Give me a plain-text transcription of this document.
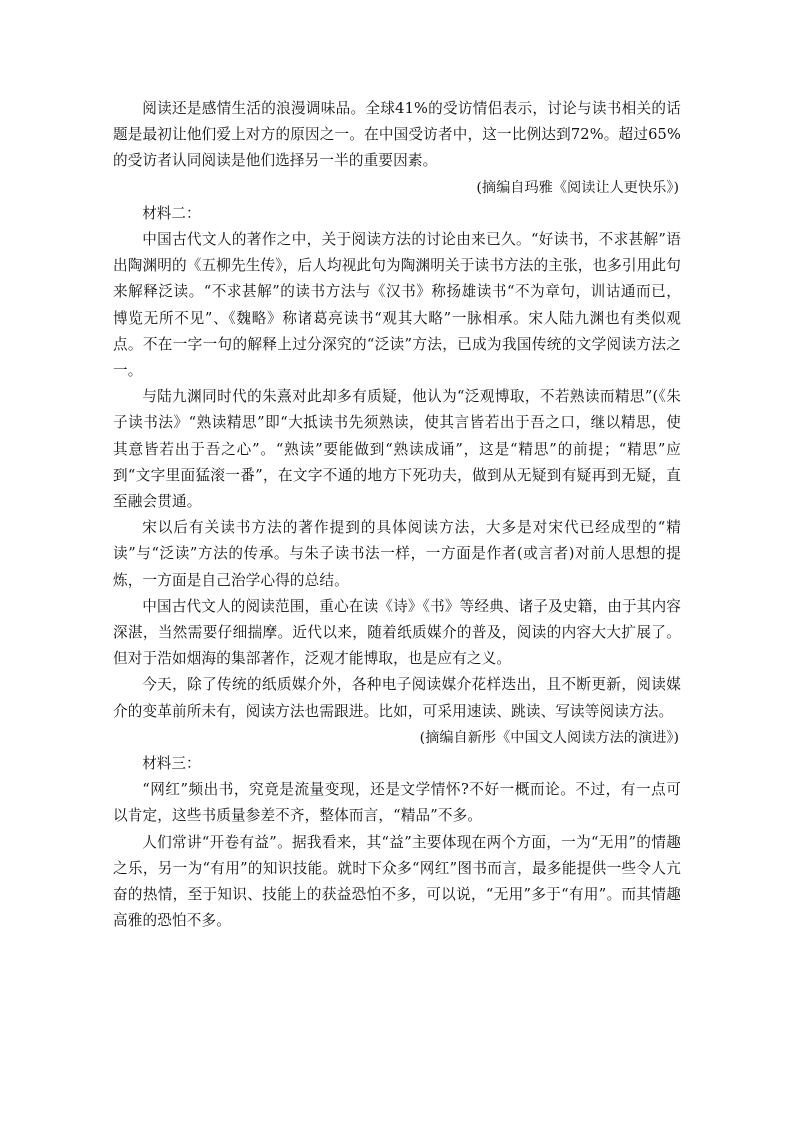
阅读还是感情生活的浪漫调味品。全球41%的受访情侣表示，讨论与读书相关的话题是最初让他们爱上对方的原因之一。在中国受访者中，这一比例达到72%。超过65%的受访者认同阅读是他们选择另一半的重要因素。

(摘编自玛雅《阅读让人更快乐》)

材料二：

中国古代文人的著作之中，关于阅读方法的讨论由来已久。“好读书，不求甚解”语出陶渊明的《五柳先生传》，后人均视此句为陶渊明关于读书方法的主张，也多引用此句来解释泛读。“不求甚解”的读书方法与《汉书》称扬雄读书“不为章句，训诂通而已，博览无所不见”、《魏略》称诸葛亮读书“观其大略”一脉相承。宋人陆九渊也有类似观点。不在一字一句的解释上过分深究的“泛读”方法，已成为我国传统的文学阅读方法之一。

与陆九渊同时代的朱熹对此却多有质疑，他认为“泛观博取，不若熟读而精思”(《朱子读书法》“熟读精思”即“大抵读书先须熟读，使其言皆若出于吾之口，继以精思，使其意皆若出于吾之心”。“熟读”要能做到“熟读成诵”，这是“精思”的前提；“精思”应到“文字里面猛滚一番”，在文字不通的地方下死功夫，做到从无疑到有疑再到无疑，直至融会贯通。

宋以后有关读书方法的著作提到的具体阅读方法，大多是对宋代已经成型的“精读”与“泛读”方法的传承。与朱子读书法一样，一方面是作者(或言者)对前人思想的提炼，一方面是自己治学心得的总结。

中国古代文人的阅读范围，重心在读《诗》《书》等经典、诸子及史籍，由于其内容深湛，当然需要仔细揣摩。近代以来，随着纸质媒介的普及，阅读的内容大大扩展了。但对于浩如烟海的集部著作，泛观才能博取，也是应有之义。

今天，除了传统的纸质媒介外，各种电子阅读媒介花样迭出，且不断更新，阅读媒介的变革前所未有，阅读方法也需跟进。比如，可采用速读、跳读、写读等阅读方法。

(摘编自新彤《中国文人阅读方法的演进》)

材料三：

“网红”频出书，究竟是流量变现，还是文学情怀?不好一概而论。不过，有一点可以肯定，这些书质量参差不齐，整体而言，“精品”不多。

人们常讲“开卷有益”。据我看来，其“益”主要体现在两个方面，一为“无用”的情趣之乐，另一为“有用”的知识技能。就时下众多“网红”图书而言，最多能提供一些令人亢奋的热情，至于知识、技能上的获益恐怕不多，可以说，“无用”多于“有用”。而其情趣高雅的恐怕不多。
